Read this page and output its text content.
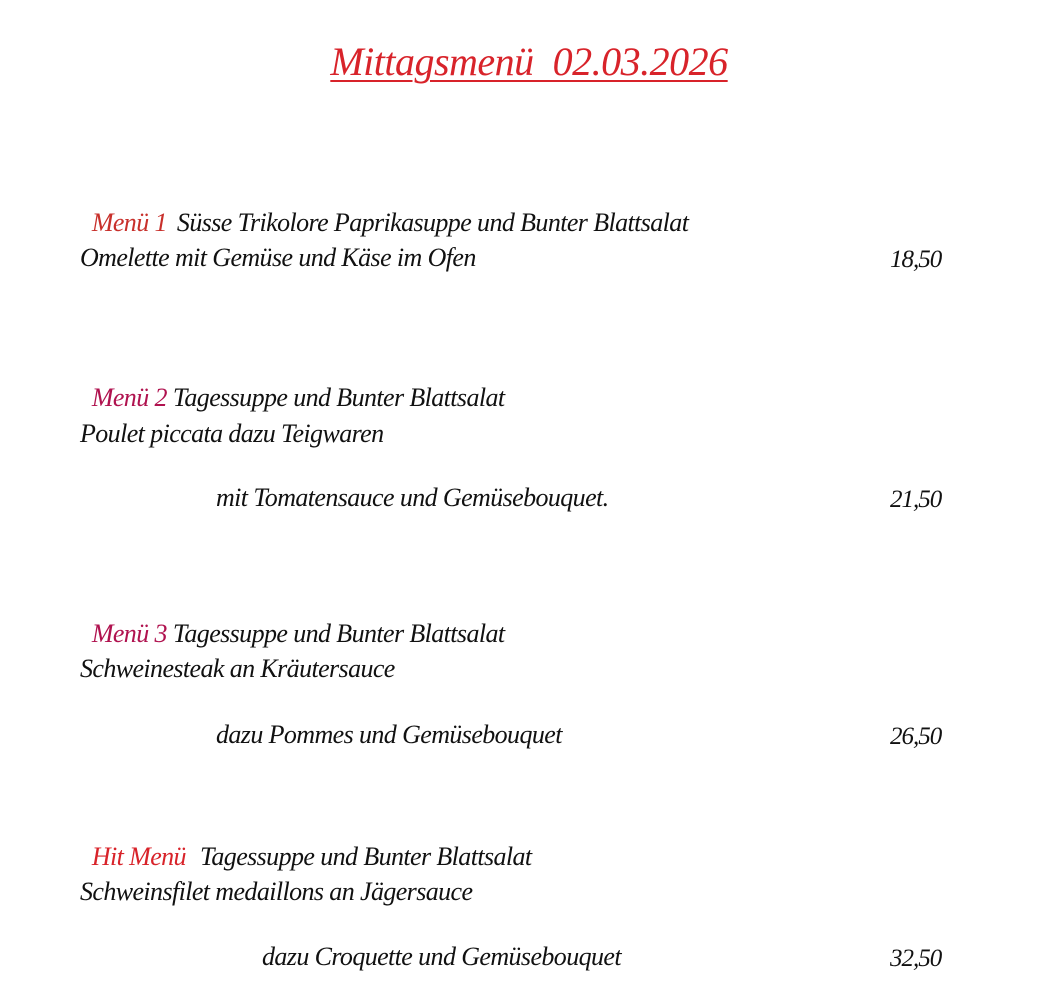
Mittagsmenü  02.03.2026

Menü 1 Süsse Trikolore Paprikasuppe und Bunter Blattsalat

Omelette mit Gemüse und Käse im Ofen	18,50

Menü 2 Tagessuppe und Bunter Blattsalat

Poulet piccata dazu Teigwaren
mit Tomatensauce und Gemüsebouquet.	21,50

Menü 3 Tagessuppe und Bunter Blattsalat

Schweinesteak an Kräutersauce
dazu Pommes und Gemüsebouquet	26,50

Hit Menü Tagessuppe und Bunter Blattsalat

Schweinsfilet medaillons an Jägersauce
dazu Croquette und Gemüsebouquet	32,50
